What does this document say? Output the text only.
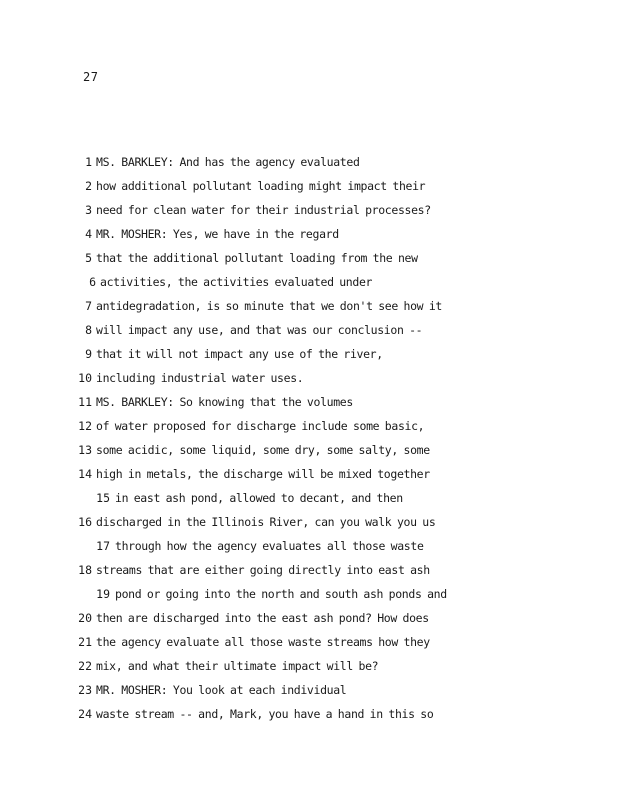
27
1 MS. BARKLEY: And has the agency evaluated
2 how additional pollutant loading might impact their
3 need for clean water for their industrial processes?
4 MR. MOSHER: Yes, we have in the regard
5 that the additional pollutant loading from the new
6 activities, the activities evaluated under
7 antidegradation, is so minute that we don't see how it
8 will impact any use, and that was our conclusion --
9 that it will not impact any use of the river,
10 including industrial water uses.
11 MS. BARKLEY: So knowing that the volumes
12 of water proposed for discharge include some basic,
13 some acidic, some liquid, some dry, some salty, some
14 high in metals, the discharge will be mixed together
15 in east ash pond, allowed to decant, and then
16 discharged in the Illinois River, can you walk you us
17 through how the agency evaluates all those waste
18 streams that are either going directly into east ash
19 pond or going into the north and south ash ponds and
20 then are discharged into the east ash pond? How does
21 the agency evaluate all those waste streams how they
22 mix, and what their ultimate impact will be?
23 MR. MOSHER: You look at each individual
24 waste stream -- and, Mark, you have a hand in this so
